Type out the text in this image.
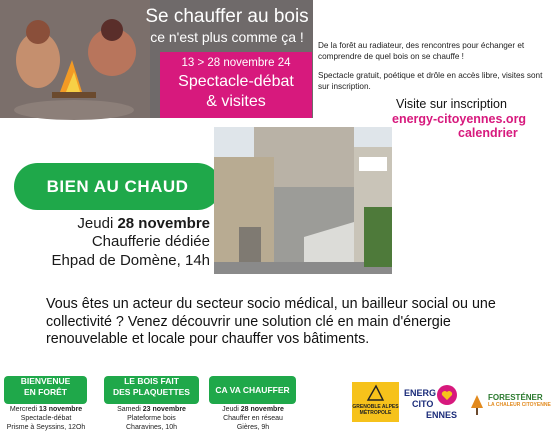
Se chauffer au bois
ce n'est plus comme ça !
13 > 28 novembre 24
Spectacle-débat
& visites
De la forêt au radiateur, des rencontres pour échanger et comprendre de quel bois on se chauffe !
Spectacle gratuit, poétique et drôle en accès libre, visites sont sur inscription.
Visite sur inscription
energy-citoyennes.org
calendrier
BIEN AU CHAUD
Jeudi 28 novembre
Chaufferie dédiée
Ehpad de Domène, 14h
Vous êtes un acteur du secteur socio médical, un bailleur social ou une collectivité ? Venez découvrir une solution clé en main d'énergie renouvelable et locale pour chauffer vos bâtiments.
BIENVENUE
EN FORÊT
Mercredi 13 novembre
Spectacle-débat
Prisme à Seyssins, 12Oh
LE BOIS FAIT
DES PLAQUETTES
Samedi 23 novembre
Plateforme bois
Charavines, 10h
CA VA CHAUFFER
Jeudi 28 novembre
Chauffer en réseau
Gières, 9h
GRENOBLE ALPES
MÉTROPOLE
ENERG
CITO
ENNES
FORESTÉNER
LA CHALEUR CITOYENNE
